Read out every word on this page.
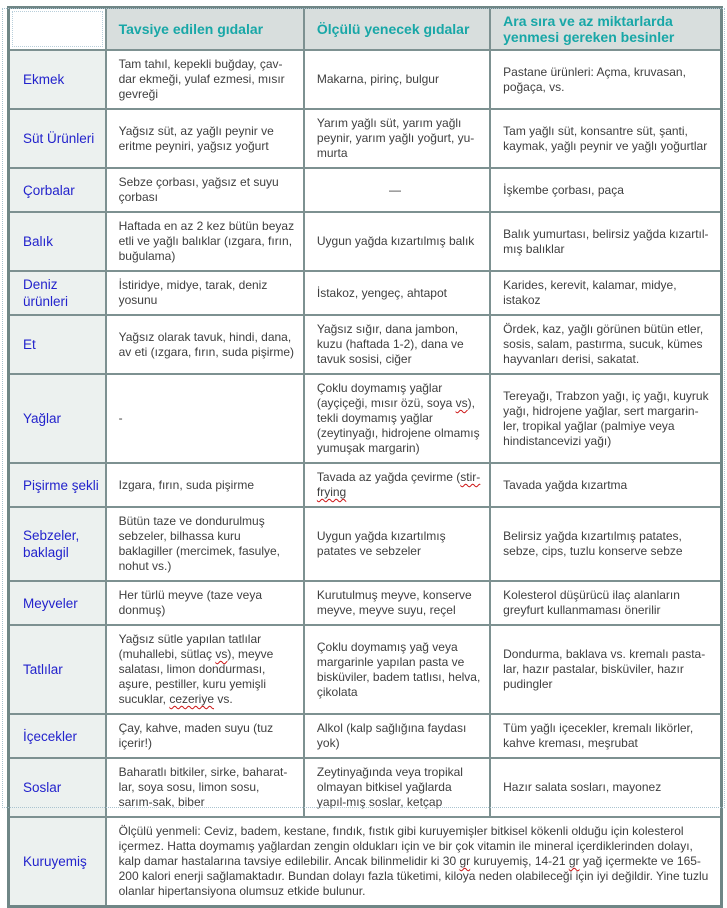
	Tavsiye edilen gıdalar	Ölçülü yenecek gıdalar	Ara sıra ve az miktarlarda yenmesi gereken besinler
Ekmek	Tam tahıl, kepekli buğday, çav-dar ekmeği, yulaf ezmesi, mısır gevreği	Makarna, pirinç, bulgur	Pastane ürünleri: Açma, kruvasan, poğaça, vs.
Süt Ürünleri	Yağsız süt, az yağlı peynir ve eritme peyniri, yağsız yoğurt	Yarım yağlı süt, yarım yağlı peynir, yarım yağlı yoğurt, yu-murta	Tam yağlı süt, konsantre süt, şanti, kaymak, yağlı peynir ve yağlı yoğurtlar
Çorbalar	Sebze çorbası, yağsız et suyu çorbası	—	İşkembe çorbası, paça
Balık	Haftada en az 2 kez bütün beyaz etli ve yağlı balıklar (ızgara, fırın, buğulama)	Uygun yağda kızartılmış balık	Balık yumurtası, belirsiz yağda kızartıl-mış balıklar
Deniz ürünleri	İstiridye, midye, tarak, deniz yosunu	İstakoz, yengeç, ahtapot	Karides, kerevit, kalamar, midye, istakoz
Et	Yağsız olarak tavuk, hindi, dana, av eti (ızgara, fırın, suda pişirme)	Yağsız sığır, dana jambon, kuzu (haftada 1-2), dana ve tavuk sosisi, ciğer	Ördek, kaz, yağlı görünen bütün etler, sosis, salam, pastırma, sucuk, kümes hayvanları derisi, sakatat.
Yağlar	-	Çoklu doymamış yağlar (ayçiçeği, mısır özü, soya vs), tekli doymamış yağlar (zeytinyağı, hidrojene olmamış yumuşak margarin)	Tereyağı, Trabzon yağı, iç yağı, kuyruk yağı, hidrojene yağlar, sert margarin-ler, tropikal yağlar (palmiye veya hindistancevizi yağı)
Pişirme şekli	Izgara, fırın, suda pişirme	Tavada az yağda çevirme (stir-frying	Tavada yağda kızartma
Sebzeler, baklagil	Bütün taze ve dondurulmuş sebzeler, bilhassa kuru baklagiller (mercimek, fasulye, nohut vs.)	Uygun yağda kızartılmış patates ve sebzeler	Belirsiz yağda kızartılmış patates, sebze, cips, tuzlu konserve sebze
Meyveler	Her türlü meyve (taze veya donmuş)	Kurutulmuş meyve, konserve meyve, meyve suyu, reçel	Kolesterol düşürücü ilaç alanların greyfurt kullanmaması önerilir
Tatlılar	Yağsız sütle yapılan tatlılar (muhallebi, sütlaç vs), meyve salatası, limon dondurması, aşure, pestiller, kuru yemişli sucuklar, cezeriye vs.	Çoklu doymamış yağ veya margarinle yapılan pasta ve bisküviler, badem tatlısı, helva, çikolata	Dondurma, baklava vs. kremalı pasta-lar, hazır pastalar, bisküviler, hazır pudingler
İçecekler	Çay, kahve, maden suyu (tuz içerir!)	Alkol (kalp sağlığına faydası yok)	Tüm yağlı içecekler, kremalı likörler, kahve kreması, meşrubat
Soslar	Baharatlı bitkiler, sirke, baharat-lar, soya sosu, limon sosu, sarım-sak, biber	Zeytinyağında veya tropikal olmayan bitkisel yağlarda yapıl-mış soslar, ketçap	Hazır salata sosları, mayonez
Kuruyemiş	Ölçülü yenmeli: Ceviz, badem, kestane, fındık, fıstık gibi kuruyemişler bitkisel kökenli olduğu için kolesterol içermez. Hatta doymamış yağlardan zengin oldukları için ve bir çok vitamin ile mineral içerdiklerinden dolayı, kalp damar hastalarına tavsiye edilebilir. Ancak bilinmelidir ki 30 gr kuruyemiş, 14-21 gr yağ içermekte ve 165-200 kalori enerji sağlamaktadır. Bundan dolayı fazla tüketimi, kiloya neden olabileceği için iyi değildir. Yine tuzlu olanlar hipertansiyona olumsuz etkide bulunur.		
